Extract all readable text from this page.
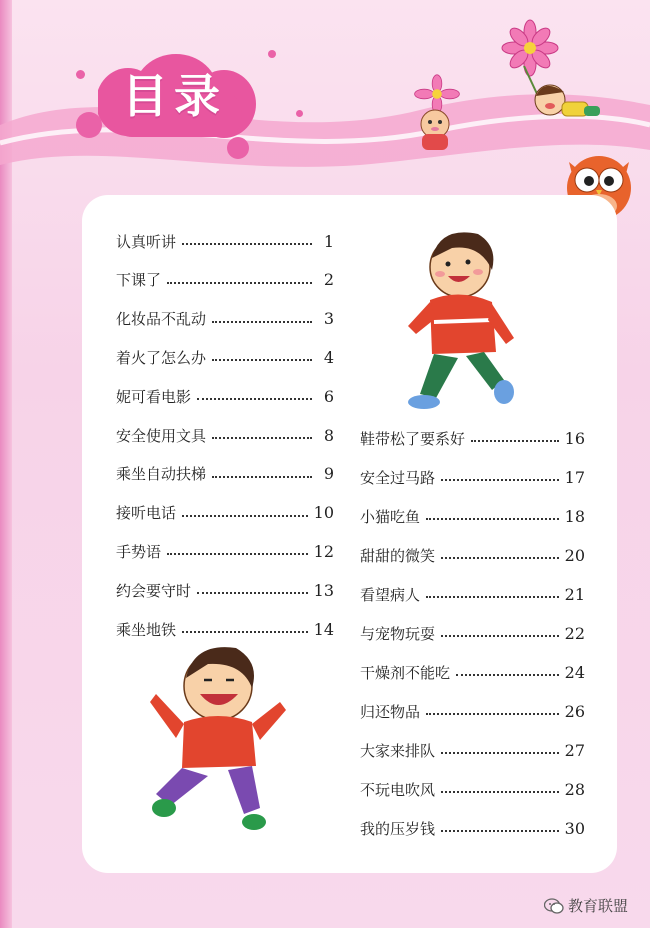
目录
认真听讲	1
下课了	2
化妆品不乱动	3
着火了怎么办	4
妮可看电影	6
安全使用文具	8
乘坐自动扶梯	9
接听电话	10
手势语	12
约会要守时	13
乘坐地铁	14
鞋带松了要系好	16
安全过马路	17
小猫吃鱼	18
甜甜的微笑	20
看望病人	21
与宠物玩耍	22
干燥剂不能吃	24
归还物品	26
大家来排队	27
不玩电吹风	28
我的压岁钱	30
教育联盟
